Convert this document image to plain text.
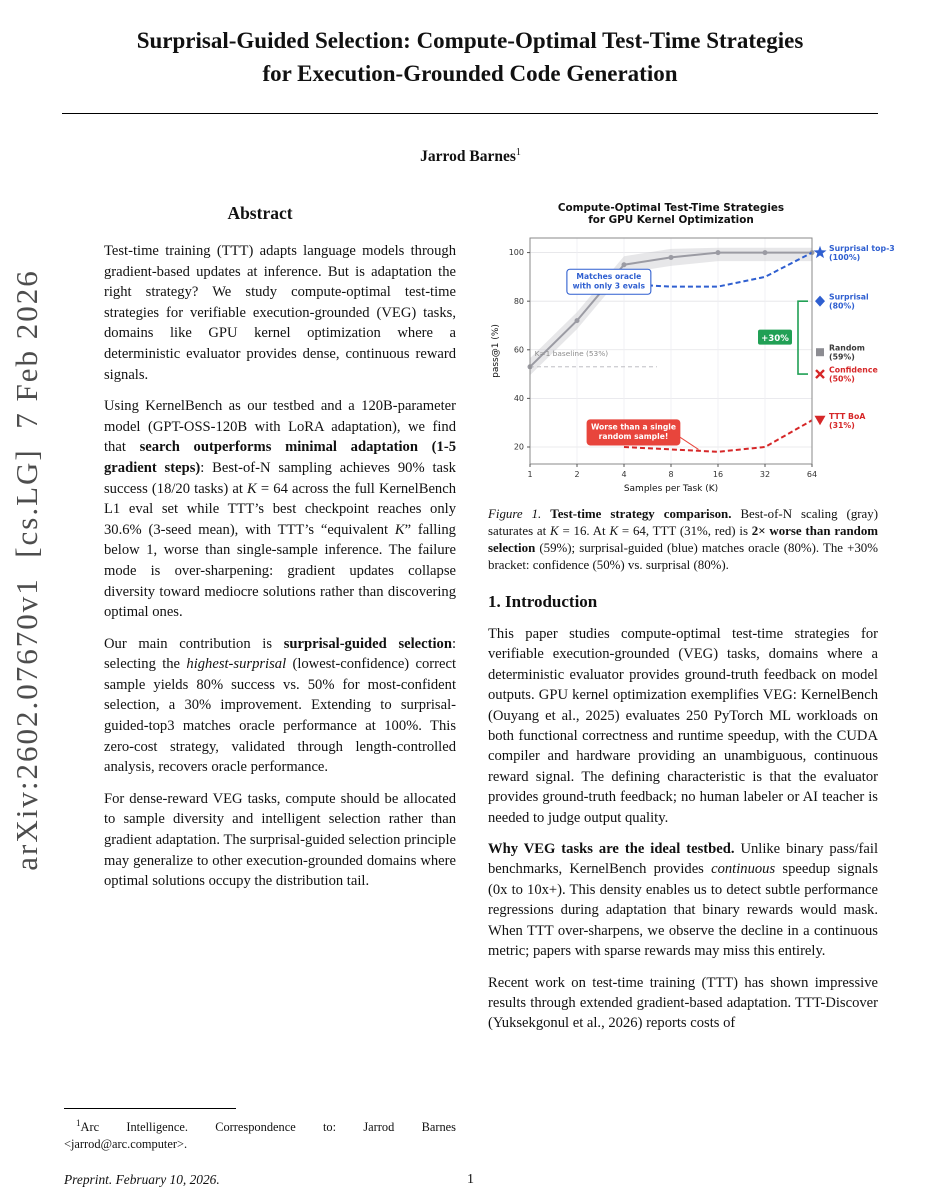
arXiv:2602.07670v1  [cs.LG]  7 Feb 2026
Surprisal-Guided Selection: Compute-Optimal Test-Time Strategies
for Execution-Grounded Code Generation
Jarrod Barnes$^1$
Abstract

Test-time training (TTT) adapts language models through gradient-based updates at inference. But is adaptation the right strategy? We study compute-optimal test-time strategies for verifiable execution-grounded (VEG) tasks, domains like GPU kernel optimization where a deterministic evaluator provides dense, continuous reward signals.

Using KernelBench as our testbed and a 120B-parameter model (GPT-OSS-120B with LoRA adaptation), we find that search outperforms minimal adaptation (1-5 gradient steps): Best-of-N sampling achieves 90% task success (18/20 tasks) at K = 64 across the full KernelBench L1 eval set while TTT’s best checkpoint reaches only 30.6% (3-seed mean), with TTT’s “equivalent K” falling below 1, worse than single-sample inference. The failure mode is over-sharpening: gradient updates collapse diversity toward mediocre solutions rather than discovering optimal ones.

Our main contribution is surprisal-guided selection: selecting the highest-surprisal (lowest-confidence) correct sample yields 80% success vs. 50% for most-confident selection, a 30% improvement. Extending to surprisal-guided-top3 matches oracle performance at 100%. This zero-cost strategy, validated through length-controlled analysis, recovers oracle performance.

For dense-reward VEG tasks, compute should be allocated to sample diversity and intelligent selection rather than gradient adaptation. The surprisal-guided selection principle may generalize to other execution-grounded domains where optimal solutions occupy the distribution tail.

$^1$Arc Intelligence. Correspondence to: Jarrod Barnes <jarrod@arc.computer>.

Preprint. February 10, 2026.

1	2	4	8	16	32	64
20
40
60
80
100
Samples per Task (K)
pass@1 (%)
Compute-Optimal Test-Time Strategies for GPU Kernel Optimization
+30%
Surprisal top-3 (100%)
Surprisal (80%)
Random (59%)
Confidence (50%)
TTT BoA (31%)
Matches oracle with only 3 evals
Worse than a single random sample!
K=1 baseline (53%)
Figure 1. Test-time strategy comparison. Best-of-N scaling (gray) saturates at K = 16. At K = 64, TTT (31%, red) is 2× worse than random selection (59%); surprisal-guided (blue) matches oracle (80%). The +30% bracket: confidence (50%) vs. surprisal (80%).
1. Introduction

This paper studies compute-optimal test-time strategies for verifiable execution-grounded (VEG) tasks, domains where a deterministic evaluator provides ground-truth feedback on model outputs. GPU kernel optimization exemplifies VEG: KernelBench (Ouyang et al., 2025) evaluates 250 PyTorch ML workloads on both functional correctness and runtime speedup, with the CUDA compiler and hardware providing an unambiguous, continuous reward signal. The defining characteristic is that the evaluator provides ground-truth feedback; no human labeler or AI teacher is needed to judge output quality.

Why VEG tasks are the ideal testbed. Unlike binary pass/fail benchmarks, KernelBench provides continuous speedup signals (0x to 10x+). This density enables us to detect subtle performance regressions during adaptation that binary rewards would mask. When TTT over-sharpens, we observe the decline in a continuous metric; papers with sparse rewards may miss this entirely.

Recent work on test-time training (TTT) has shown impressive results through extended gradient-based adaptation. TTT-Discover (Yuksekgonul et al., 2026) reports costs of

1
